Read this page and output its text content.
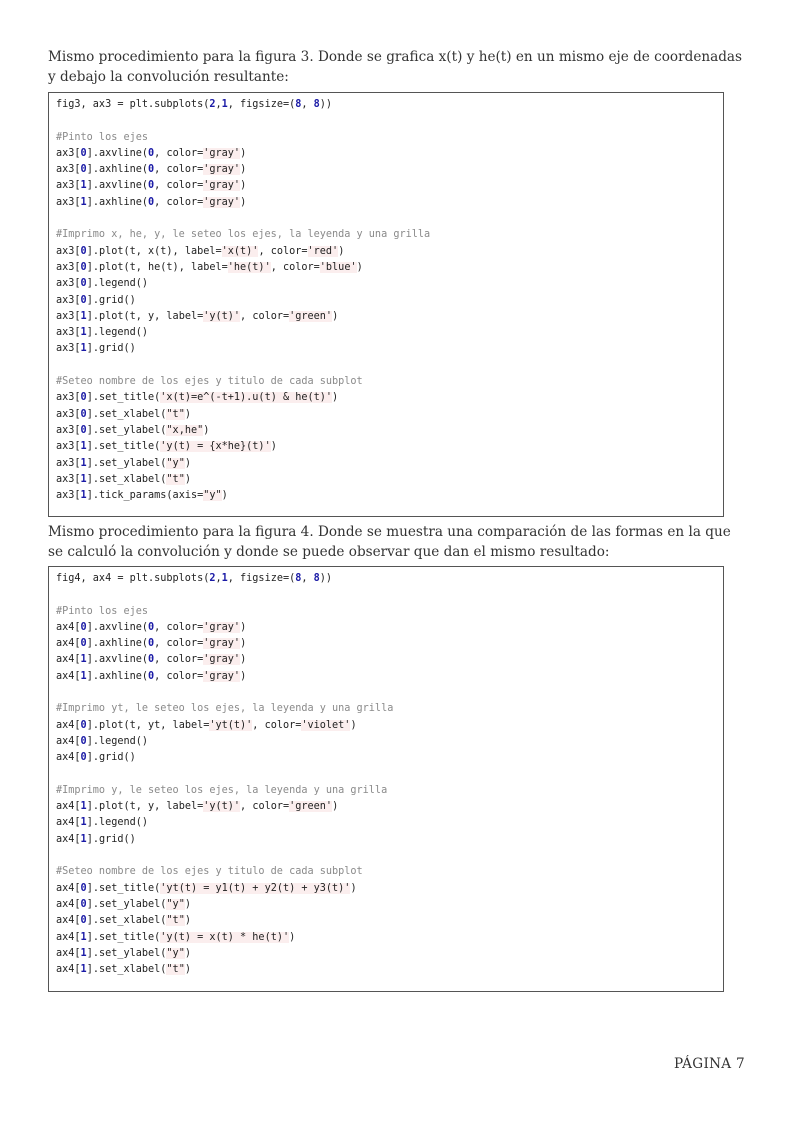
Mismo procedimiento para la figura 3. Donde se grafica x(t) y he(t) en un mismo eje de coordenadas y debajo la convolución resultante:

fig3, ax3 = plt.subplots(2,1, figsize=(8, 8))

#Pinto los ejes
ax3[0].axvline(0, color='gray')
ax3[0].axhline(0, color='gray')
ax3[1].axvline(0, color='gray')
ax3[1].axhline(0, color='gray')

#Imprimo x, he, y, le seteo los ejes, la leyenda y una grilla
ax3[0].plot(t, x(t), label='x(t)', color='red')
ax3[0].plot(t, he(t), label='he(t)', color='blue')
ax3[0].legend()
ax3[0].grid()
ax3[1].plot(t, y, label='y(t)', color='green')
ax3[1].legend()
ax3[1].grid()

#Seteo nombre de los ejes y titulo de cada subplot
ax3[0].set_title('x(t)=e^(-t+1).u(t) & he(t)')
ax3[0].set_xlabel("t")
ax3[0].set_ylabel("x,he")
ax3[1].set_title('y(t) = {x*he}(t)')
ax3[1].set_ylabel("y")
ax3[1].set_xlabel("t")
ax3[1].tick_params(axis="y")

Mismo procedimiento para la figura 4. Donde se muestra una comparación de las formas en la que se calculó la convolución y donde se puede observar que dan el mismo resultado:

fig4, ax4 = plt.subplots(2,1, figsize=(8, 8))

#Pinto los ejes
ax4[0].axvline(0, color='gray')
ax4[0].axhline(0, color='gray')
ax4[1].axvline(0, color='gray')
ax4[1].axhline(0, color='gray')

#Imprimo yt, le seteo los ejes, la leyenda y una grilla
ax4[0].plot(t, yt, label='yt(t)', color='violet')
ax4[0].legend()
ax4[0].grid()

#Imprimo y, le seteo los ejes, la leyenda y una grilla
ax4[1].plot(t, y, label='y(t)', color='green')
ax4[1].legend()
ax4[1].grid()

#Seteo nombre de los ejes y titulo de cada subplot
ax4[0].set_title('yt(t) = y1(t) + y2(t) + y3(t)')
ax4[0].set_ylabel("y")
ax4[0].set_xlabel("t")
ax4[1].set_title('y(t) = x(t) * he(t)')
ax4[1].set_ylabel("y")
ax4[1].set_xlabel("t")
PÁGINA 7
